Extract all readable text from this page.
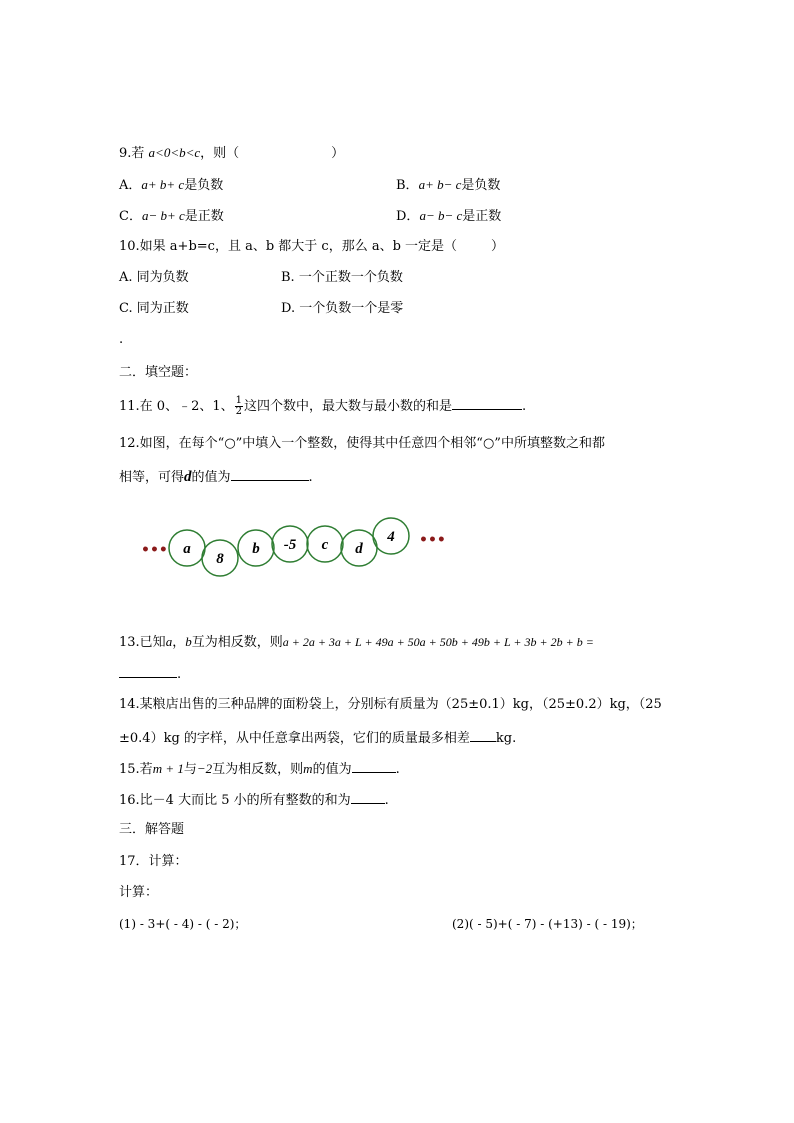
9.若 a<0<b<c，则（	）
A．a+ b+ c是负数	B．a+ b− c是负数
C．a− b+ c是正数	D．a− b− c是正数
10.如果 a+b=c，且 a、b 都大于 c，那么 a、b 一定是（	）
A. 同为负数	B. 一个正数一个负数
C. 同为正数	D. 一个负数一个是零
.
二．填空题：
11.在 0、﹣2、1、 $\frac{1}{2}$ 这四个数中，最大数与最小数的和是	.
12.如图，在每个“○”中填入一个整数，使得其中任意四个相邻“○”中所填整数之和都
相等，可得d的值为	.
••• a
8
b -5 c d
4 •••
13.已知a，b互为相反数，则a + 2a + 3a + L + 49a + 50a + 50b + 49b + L + 3b + 2b + b =
.
14.某粮店出售的三种品牌的面粉袋上，分别标有质量为（25±0.1）kg，（25±0.2）kg，（25
±0.4）kg 的字样，从中任意拿出两袋，它们的质量最多相差 kg.
15.若m + 1与−2互为相反数，则m的值为	.
16.比－4 大而比 5 小的所有整数的和为	.
三．解答题
17．计算：
计算：
(1) - 3+( - 4) - ( - 2)；	(2)( - 5)+( - 7) - (+13) - ( - 19)；
